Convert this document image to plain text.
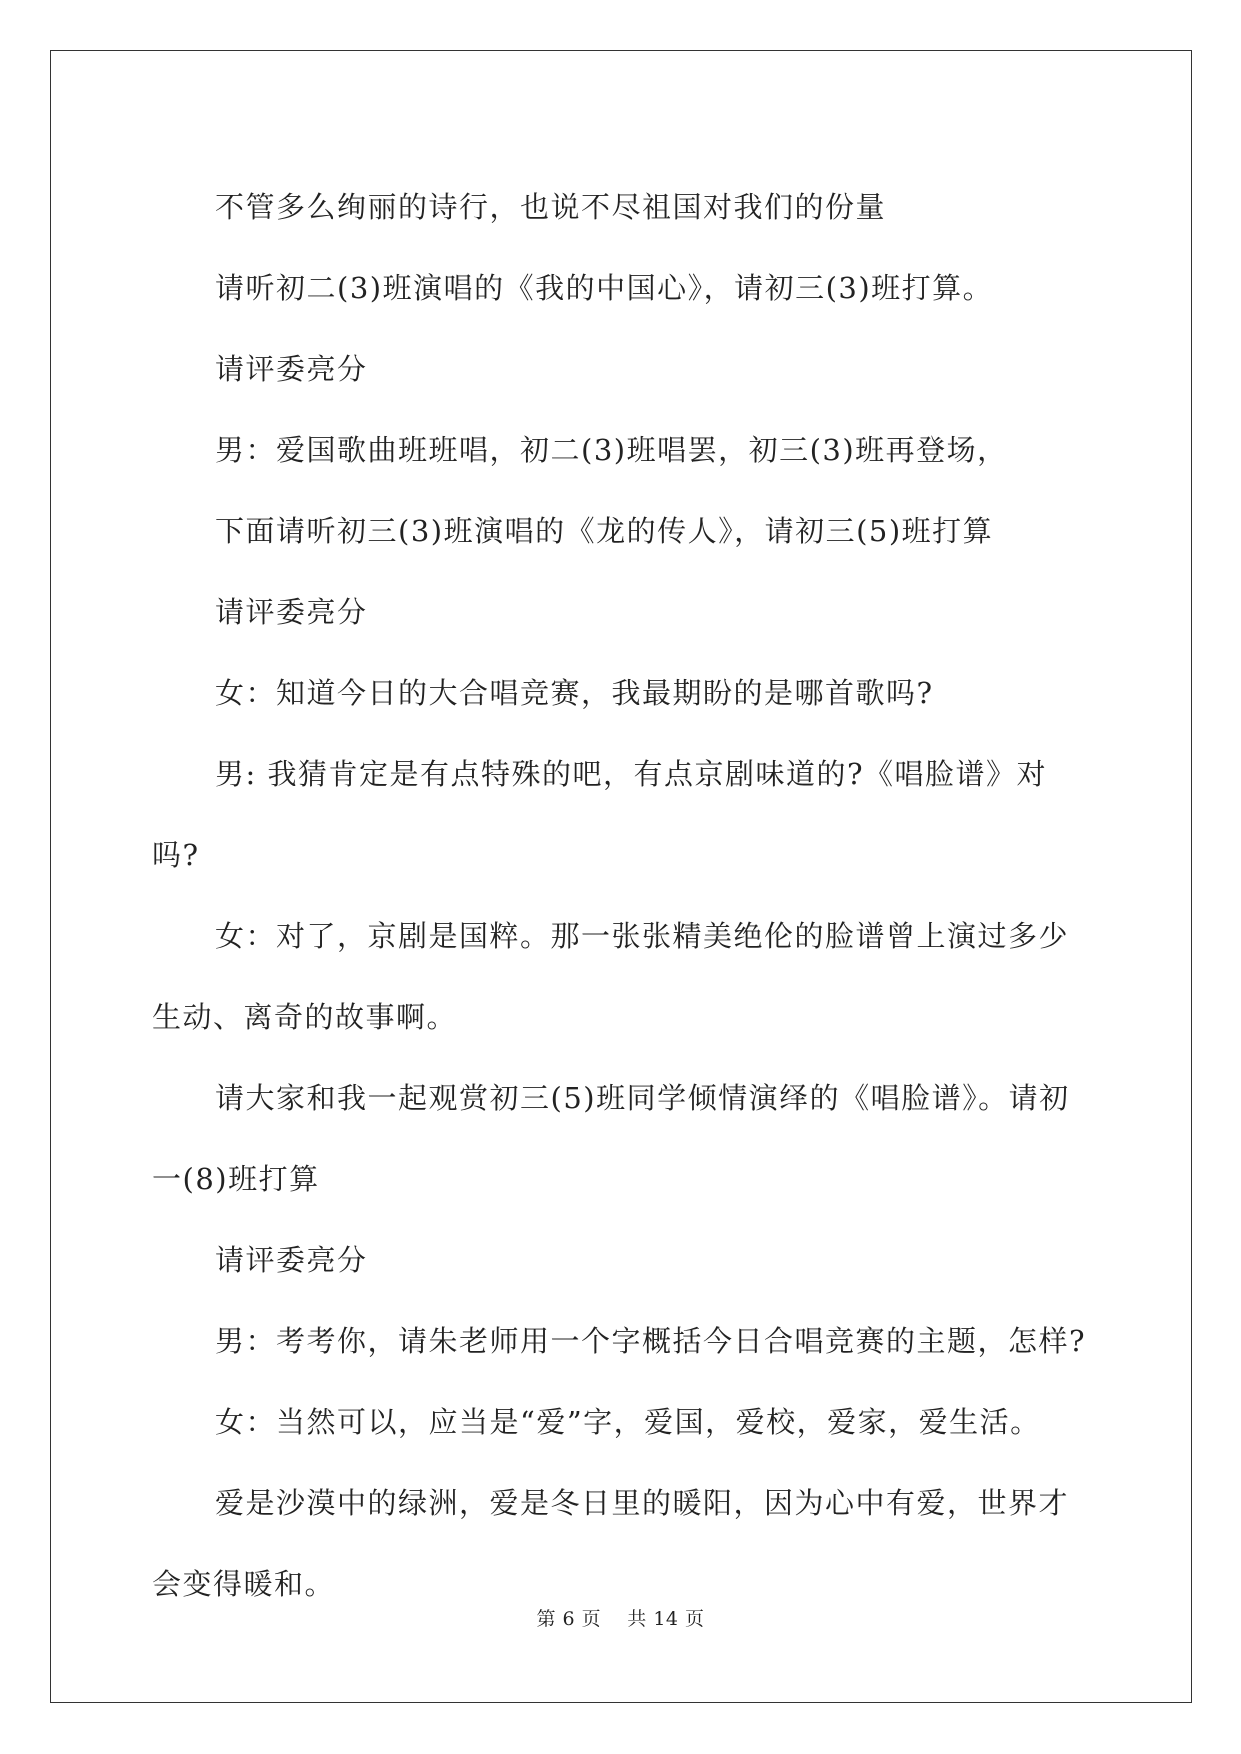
不管多么绚丽的诗行，也说不尽祖国对我们的份量

请听初二(3)班演唱的《我的中国心》，请初三(3)班打算。

请评委亮分

男：爱国歌曲班班唱，初二(3)班唱罢，初三(3)班再登场，

下面请听初三(3)班演唱的《龙的传人》，请初三(5)班打算

请评委亮分

女：知道今日的大合唱竞赛，我最期盼的是哪首歌吗?

男: 我猜肯定是有点特殊的吧，有点京剧味道的?《唱脸谱》对吗?

女：对了，京剧是国粹。那一张张精美绝伦的脸谱曾上演过多少生动、离奇的故事啊。

请大家和我一起观赏初三(5)班同学倾情演绎的《唱脸谱》。请初一(8)班打算

请评委亮分

男：考考你，请朱老师用一个字概括今日合唱竞赛的主题，怎样?

女：当然可以，应当是“爱”字，爱国，爱校，爱家，爱生活。

爱是沙漠中的绿洲，爱是冬日里的暖阳，因为心中有爱，世界才会变得暖和。

第 6 页 共 14 页
